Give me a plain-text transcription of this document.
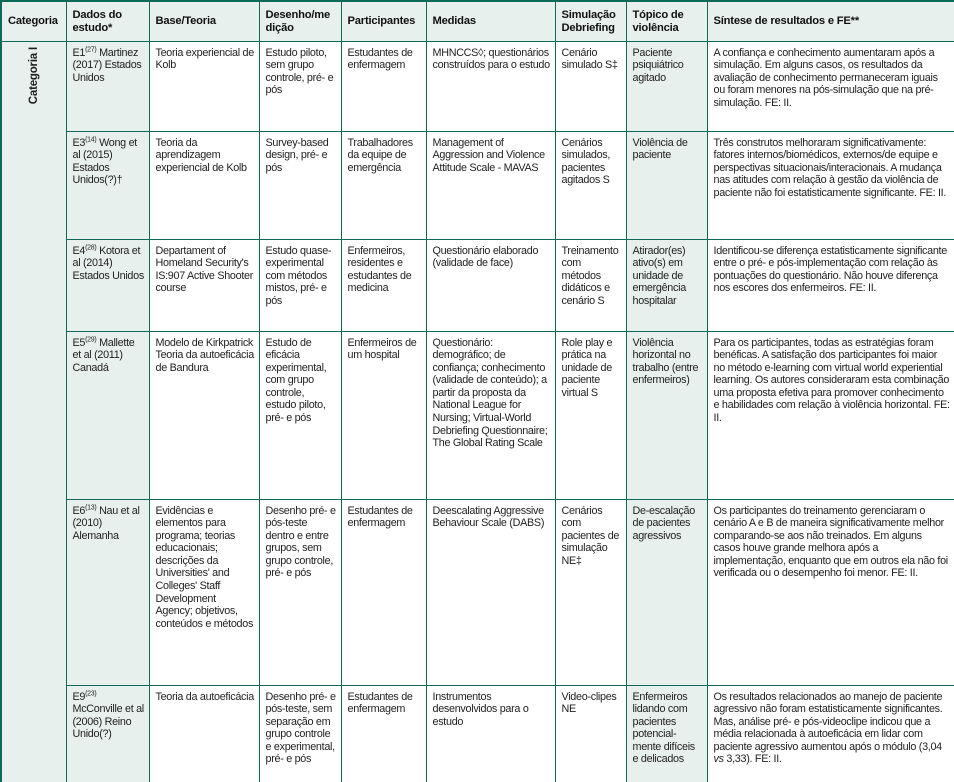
Categoria	Dados do estudo*	Base/Teoria	Desenho/medição	Participantes	Medidas	Simulação Debriefing	Tópico de violência	Síntese de resultados e FE**

Categoria I	E1$^{(27)}$ Martinez (2017) Estados Unidos	Teoria experiencial de Kolb	Estudo piloto, sem grupo controle, pré- e pós	Estudantes de enfermagem	MHNCCS◊; questionários construídos para o estudo	Cenário simulado S‡	Paciente psiquiátrico agitado	A confiança e conhecimento aumentaram após a simulação. Em alguns casos, os resultados da avaliação de conhecimento permaneceram iguais ou foram menores na pós-simulação que na pré-simulação. FE: II.
	E3$^{(14)}$ Wong et al (2015) Estados Unidos(?)†	Teoria da aprendizagem experiencial de Kolb	Survey-based design, pré- e pós	Trabalhadores da equipe de emergência	Management of Aggression and Violence Attitude Scale - MAVAS	Cenários simulados, pacientes agitados S	Violência de paciente	Três construtos melhoraram significativamente: fatores internos/biomédicos, externos/de equipe e perspectivas situacionais/interacionais. A mudança nas atitudes com relação à gestão da violência de paciente não foi estatisticamente significante. FE: II.
	E4$^{(28)}$ Kotora et al (2014) Estados Unidos	Departament of Homeland Security's IS:907 Active Shooter course	Estudo quase-experimental com métodos mistos, pré- e pós	Enfermeiros, residentes e estudantes de medicina	Questionário elaborado (validade de face)	Treinamento com métodos didáticos e cenário S	Atirador(es) ativo(s) em unidade de emergência hospitalar	Identificou-se diferença estatisticamente significante entre o pré- e pós-implementação com relação às pontuações do questionário. Não houve diferença nos escores dos enfermeiros. FE: II.
	E5$^{(29)}$ Mallette et al (2011) Canadá	Modelo de Kirkpatrick Teoria da autoeficácia de Bandura	Estudo de eficácia experimental, com grupo controle, estudo piloto, pré- e pós	Enfermeiros de um hospital	Questionário: demográfico; de confiança; conhecimento (validade de conteúdo); a partir da proposta da National League for Nursing; Virtual-World Debriefing Questionnaire; The Global Rating Scale	Role play e prática na unidade de paciente virtual S	Violência horizontal no trabalho (entre enfermeiros)	Para os participantes, todas as estratégias foram benéficas. A satisfação dos participantes foi maior no método e-learning com virtual world experiential learning. Os autores consideraram esta combinação uma proposta efetiva para promover conhecimento e habilidades com relação à violência horizontal. FE: II.
	E6$^{(13)}$ Nau et al (2010) Alemanha	Evidências e elementos para programa; teorias educacionais; descrições da Universities' and Colleges' Staff Development Agency; objetivos, conteúdos e métodos	Desenho pré- e pós-teste dentro e entre grupos, sem grupo controle, pré- e pós	Estudantes de enfermagem	Deescalating Aggressive Behaviour Scale (DABS)	Cenários com pacientes de simulação NE‡	De-escalação de pacientes agressivos	Os participantes do treinamento gerenciaram o cenário A e B de maneira significativamente melhor comparando-se aos não treinados. Em alguns casos houve grande melhora após a implementação, enquanto que em outros ela não foi verificada ou o desempenho foi menor. FE: II.
	E9$^{(23)}$ McConville et al (2006) Reino Unido(?)	Teoria da autoeficácia	Desenho pré- e pós-teste, sem separação em grupo controle e experimental, pré- e pós	Estudantes de enfermagem	Instrumentos desenvolvidos para o estudo	Video-clipes NE	Enfermeiros lidando com pacientes potencial- mente difíceis e delicados	Os resultados relacionados ao manejo de paciente agressivo não foram estatisticamente significantes. Mas, análise pré- e pós-videoclipe indicou que a média relacionada à autoeficácia em lidar com paciente agressivo aumentou após o módulo (3,04 vs 3,33). FE: II.
